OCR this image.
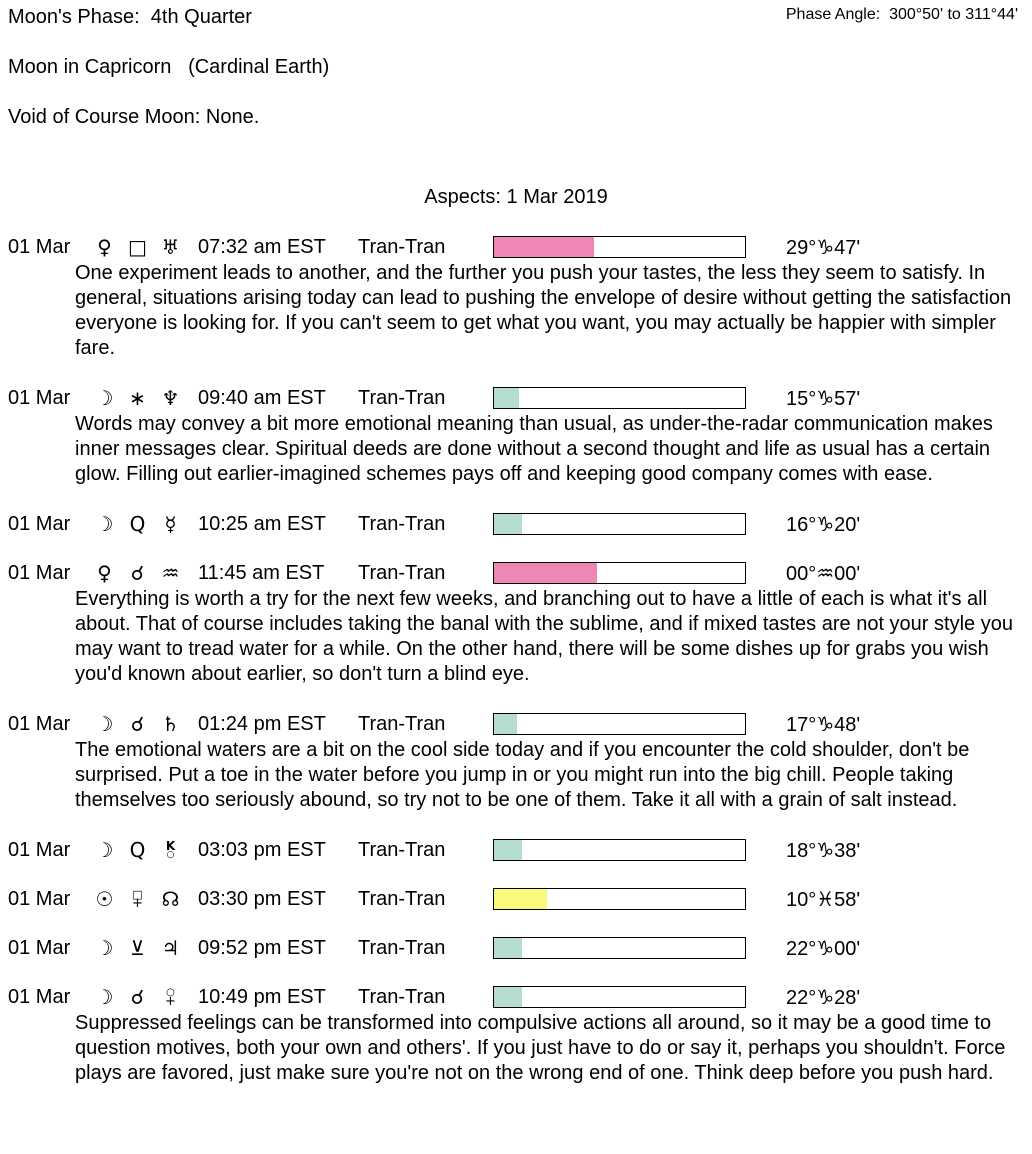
Moon's Phase:  4th Quarter
Moon in Capricorn   (Cardinal Earth)
Void of Course Moon: None.
Phase Angle:  300°50' to 311°44'
Aspects: 1 Mar 2019
01 Mar	♀ □ ♅ 07:32 am EST	Tran-Tran	29°♑47'

One experiment leads to another, and the further you push your tastes, the less they seem to satisfy. In general, situations arising today can lead to pushing the envelope of desire without getting the satisfaction everyone is looking for. If you can't seem to get what you want, you may actually be happier with simpler fare.

01 Mar	☽ ∗ ♆ 09:40 am EST	Tran-Tran	15°♑57'

Words may convey a bit more emotional meaning than usual, as under-the-radar communication makes inner messages clear. Spiritual deeds are done without a second thought and life as usual has a certain glow. Filling out earlier-imagined schemes pays off and keeping good company comes with ease.

01 Mar	☽ Q ☿	10:25 am EST	Tran-Tran	16°♑20'
01 Mar	♀ ☌ ♒ 11:45 am EST	Tran-Tran	00°♒00'

Everything is worth a try for the next few weeks, and branching out to have a little of each is what it's all about. That of course includes taking the banal with the sublime, and if mixed tastes are not your style you may want to tread water for a while. On the other hand, there will be some dishes up for grabs you wish you'd known about earlier, so don't turn a blind eye.

01 Mar	☽ ☌ ♄ 01:24 pm EST	Tran-Tran	17°♑48'

The emotional waters are a bit on the cool side today and if you encounter the cold shoulder, don't be surprised. Put a toe in the water before you jump in or you might run into the big chill. People taking themselves too seriously abound, so try not to be one of them. Take it all with a grain of salt instead.

01 Mar	☽ Q K ○	03:03 pm EST	Tran-Tran	18°♑38'
01 Mar	☉ □ +	☊ 03:30 pm EST	Tran-Tran	10°♓58'
01 Mar	☽ ⊻ ♃ 09:52 pm EST	Tran-Tran	22°♑00'
01 Mar	☽ ☌ ○ +	10:49 pm EST	Tran-Tran	22°♑28'

Suppressed feelings can be transformed into compulsive actions all around, so it may be a good time to question motives, both your own and others'. If you just have to do or say it, perhaps you shouldn't. Force plays are favored, just make sure you're not on the wrong end of one. Think deep before you push hard.
